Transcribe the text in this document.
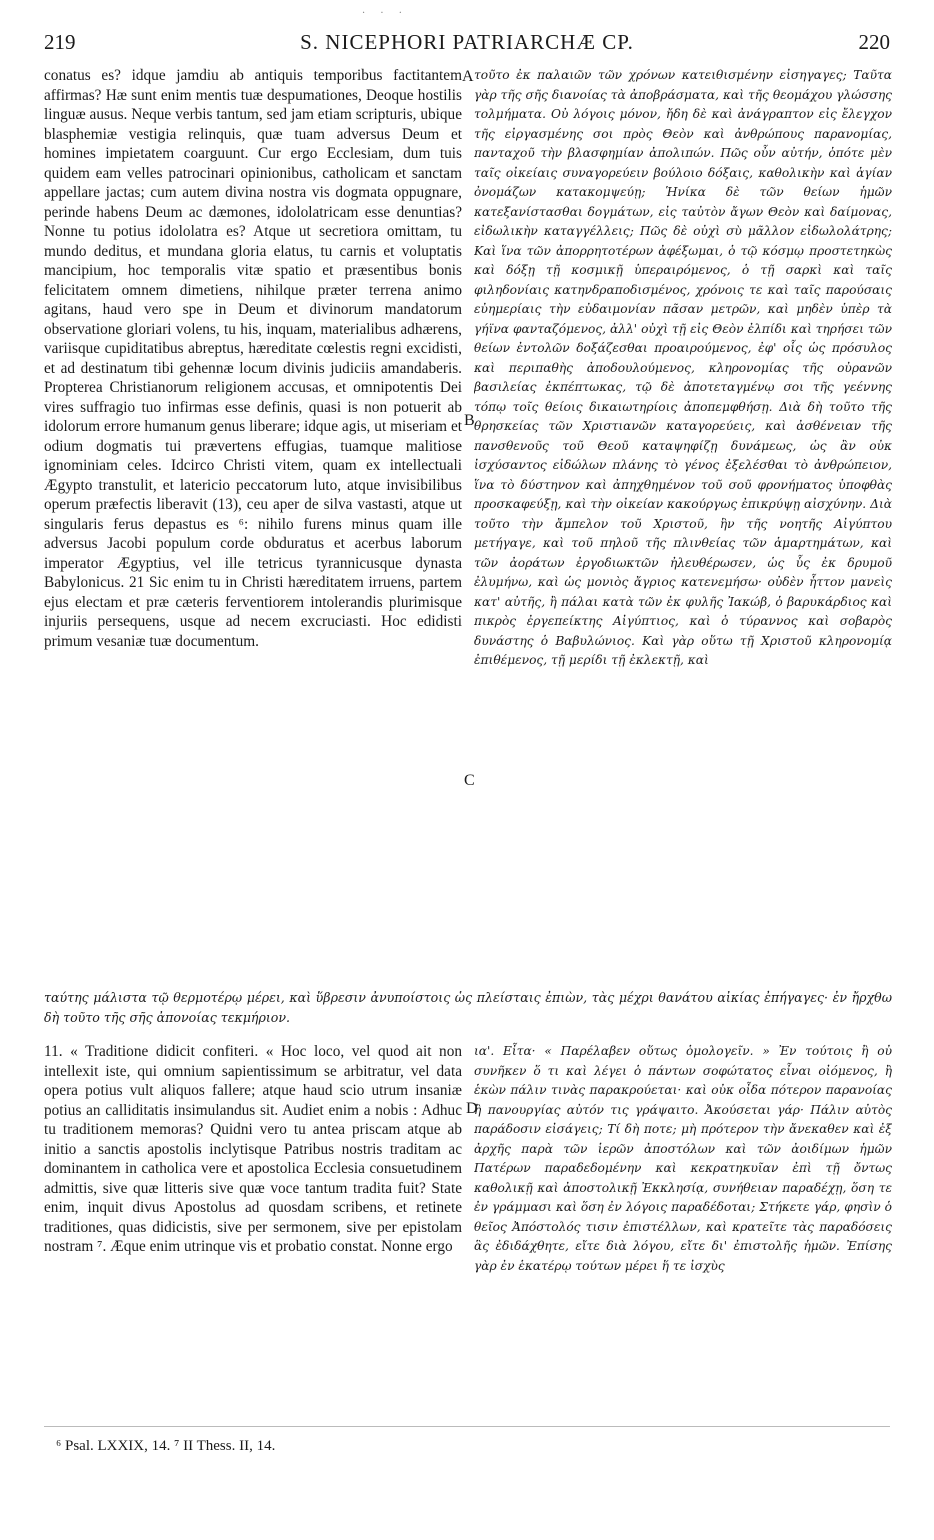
· · ·
219	S. NICEPHORI PATRIARCHÆ CP.	220

conatus es? idque jamdiu ab antiquis temporibus factitantem affirmas? Hæ sunt enim mentis tuæ despumationes, Deoque hostilis linguæ ausus. Neque verbis tantum, sed jam etiam scripturis, ubique blasphemiæ vestigia relinquis, quæ tuam adversus Deum et homines impietatem coarguunt. Cur ergo Ecclesiam, dum tuis quidem eam velles patrocinari opinionibus, catholicam et sanctam appellare jactas; cum autem divina nostra vis dogmata oppugnare, perinde habens Deum ac dæmones, idololatricam esse denuntias? Nonne tu potius idololatra es? Atque ut secretiora omittam, tu mundo deditus, et mundana gloria elatus, tu carnis et voluptatis mancipium, hoc temporalis vitæ spatio et præsentibus bonis felicitatem omnem dimetiens, nihilque præter terrena animo agitans, haud vero spe in Deum et divinorum mandatorum observatione gloriari volens, tu his, inquam, materialibus adhærens, variisque cupiditatibus abreptus, hæreditate cœlestis regni excidisti, et ad destinatum tibi gehennæ locum divinis judiciis amandaberis. Propterea Christianorum religionem accusas, et omnipotentis Dei vires suffragio tuo infirmas esse definis, quasi is non potuerit ab idolorum errore humanum genus liberare; idque agis, ut miseriam et odium dogmatis tui prævertens effugias, tuamque malitiose ignominiam celes. Idcirco Christi vitem, quam ex intellectuali Ægypto transtulit, et latericio peccatorum luto, atque invisibilibus operum præfectis liberavit (13), ceu aper de silva vastasti, atque ut singularis ferus depastus es ⁶: nihilo furens minus quam ille adversus Jacobi populum corde obduratus et acerbus laborum imperator Ægyptius, vel ille tetricus tyrannicusque dynasta Babylonicus. 21 Sic enim tu in Christi hæreditatem irruens, partem ejus electam et præ cæteris ferventiorem intolerandis plurimisque injuriis persequens, usque ad necem excruciasti. Hoc edidisti primum vesaniæ tuæ documentum.

τοῦτο ἐκ παλαιῶν τῶν χρόνων κατειθισμένην εἰσηγαγες; Ταῦτα γὰρ τῆς σῆς διανοίας τὰ ἀποβράσματα, καὶ τῆς θεομάχου γλώσσης τολμήματα. Οὐ λόγοις μόνον, ἤδη δὲ καὶ ἀνάγραπτον εἰς ἔλεγχον τῆς εἰργασμένης σοι πρὸς Θεὸν καὶ ἀνθρώπους παρανομίας, πανταχοῦ τὴν βλασφημίαν ἀπολιπών. Πῶς οὖν αὐτήν, ὁπότε μὲν ταῖς οἰκείαις συναγορεύειν βούλοιο δόξαις, καθολικὴν καὶ ἁγίαν ὀνομάζων κατακομψεύῃ; Ἡνίκα δὲ τῶν θείων ἡμῶν κατεξανίστασθαι δογμάτων, εἰς ταὐτὸν ἄγων Θεὸν καὶ δαίμονας, εἰδωλικὴν καταγγέλλεις; Πῶς δὲ οὐχὶ σὺ μᾶλλον εἰδωλολάτρης; Καὶ ἵνα τῶν ἀπορρητοτέρων ἀφέξωμαι, ὁ τῷ κόσμῳ προστετηκὼς καὶ δόξῃ τῇ κοσμικῇ ὑπεραιρόμενος, ὁ τῇ σαρκὶ καὶ ταῖς φιληδονίαις κατηνδραποδισμένος, χρόνοις τε καὶ ταῖς παρούσαις εὐημερίαις τὴν εὐδαιμονίαν πᾶσαν μετρῶν, καὶ μηδὲν ὑπὲρ τὰ γήϊνα φανταζόμενος, ἀλλ' οὐχὶ τῇ εἰς Θεὸν ἐλπίδι καὶ τηρήσει τῶν θείων ἐντολῶν δοξάζεσθαι προαιρούμενος, ἐφ' οἷς ὡς πρόσυλος καὶ περιπαθὴς ἀποδουλούμενος, κληρονομίας τῆς οὐρανῶν βασιλείας ἐκπέπτωκας, τῷ δὲ ἀποτεταγμένῳ σοι τῆς γεέννης τόπῳ τοῖς θείοις δικαιωτηρίοις ἀποπεμφθήσῃ. Διὰ δὴ τοῦτο τῆς θρησκείας τῶν Χριστιανῶν καταγορεύεις, καὶ ἀσθένειαν τῆς πανσθενοῦς τοῦ Θεοῦ καταψηφίζῃ δυνάμεως, ὡς ἂν οὐκ ἰσχύσαντος εἰδώλων πλάνης τὸ γένος ἐξελέσθαι τὸ ἀνθρώπειον, ἵνα τὸ δύστηνον καὶ ἀπηχθημένον τοῦ σοῦ φρονήματος ὑποφθὰς προσκαφεύξῃ, καὶ τὴν οἰκείαν κακούργως ἐπικρύψῃ αἰσχύνην. Διὰ τοῦτο τὴν ἄμπελον τοῦ Χριστοῦ, ἣν τῆς νοητῆς Αἰγύπτου μετήγαγε, καὶ τοῦ πηλοῦ τῆς πλινθείας τῶν ἁμαρτημάτων, καὶ τῶν ἀοράτων ἐργοδιωκτῶν ἠλευθέρωσεν, ὡς ὗς ἐκ δρυμοῦ ἐλυμήνω, καὶ ὡς μονιὸς ἄγριος κατενεμήσω· οὐδὲν ἧττον μανεὶς κατ' αὐτῆς, ἢ πάλαι κατὰ τῶν ἐκ φυλῆς Ἰακώβ, ὁ βαρυκάρδιος καὶ πικρὸς ἐργεπείκτης Αἰγύπτιος, καὶ ὁ τύραννος καὶ σοβαρὸς δυνάστης ὁ Βαβυλώνιος. Καὶ γὰρ οὕτω τῇ Χριστοῦ κληρονομίᾳ ἐπιθέμενος, τῇ μερίδι τῇ ἐκλεκτῇ, καὶ

ταύτης μάλιστα τῷ θερμοτέρῳ μέρει, καὶ ὕβρεσιν ἀνυποίστοις ὡς πλείσταις ἐπιὼν, τὰς μέχρι θανάτου αἰκίας ἐπήγαγες· ἐν ἤρχθω δὴ τοῦτο τῆς σῆς ἀπονοίας τεκμήριον.

11. « Traditione didicit confiteri. « Hoc loco, vel quod ait non intellexit iste, qui omnium sapientissimum se arbitratur, vel data opera potius vult aliquos fallere; atque haud scio utrum insaniæ potius an calliditatis insimulandus sit. Audiet enim a nobis : Adhuc tu traditionem memoras? Quidni vero tu antea priscam atque ab initio a sanctis apostolis inclytisque Patribus nostris traditam ac dominantem in catholica vere et apostolica Ecclesia consuetudinem admittis, sive quæ litteris sive quæ voce tantum tradita fuit? State enim, inquit divus Apostolus ad quosdam scribens, et retinete traditiones, quas didicistis, sive per sermonem, sive per epistolam nostram ⁷. Æque enim utrinque vis et probatio constat. Nonne ergo

ια'. Εἶτα· « Παρέλαβεν οὕτως ὁμολογεῖν. » Ἐν τούτοις ἢ οὐ συνῆκεν ὅ τι καὶ λέγει ὁ πάντων σοφώτατος εἶναι οἰόμενος, ἢ ἑκὼν πάλιν τινὰς παρακρούεται· καὶ οὐκ οἶδα πότερον παρανοίας ἢ πανουργίας αὐτόν τις γράψαιτο. Ἀκούσεται γάρ· Πάλιν αὐτὸς παράδοσιν εἰσάγεις; Τί δὴ ποτε; μὴ πρότερον τὴν ἄνεκαθεν καὶ ἐξ ἀρχῆς παρὰ τῶν ἱερῶν ἀποστόλων καὶ τῶν ἀοιδίμων ἡμῶν Πατέρων παραδεδομένην καὶ κεκρατηκυῖαν ἐπὶ τῇ ὄντως καθολικῇ καὶ ἀποστολικῇ Ἐκκλησίᾳ, συνήθειαν παραδέχῃ, ὅση τε ἐν γράμμασι καὶ ὅση ἐν λόγοις παραδέδοται; Στήκετε γάρ, φησὶν ὁ θεῖος Ἀπόστολός τισιν ἐπιστέλλων, καὶ κρατεῖτε τὰς παραδόσεις ἃς ἐδιδάχθητε, εἴτε διὰ λόγου, εἴτε δι' ἐπιστολῆς ἡμῶν. Ἐπίσης γὰρ ἐν ἑκατέρῳ τούτων μέρει ἥ τε ἰσχὺς

A
B
C
D
⁶ Psal. LXXIX, 14. ⁷ II Thess. II, 14.
